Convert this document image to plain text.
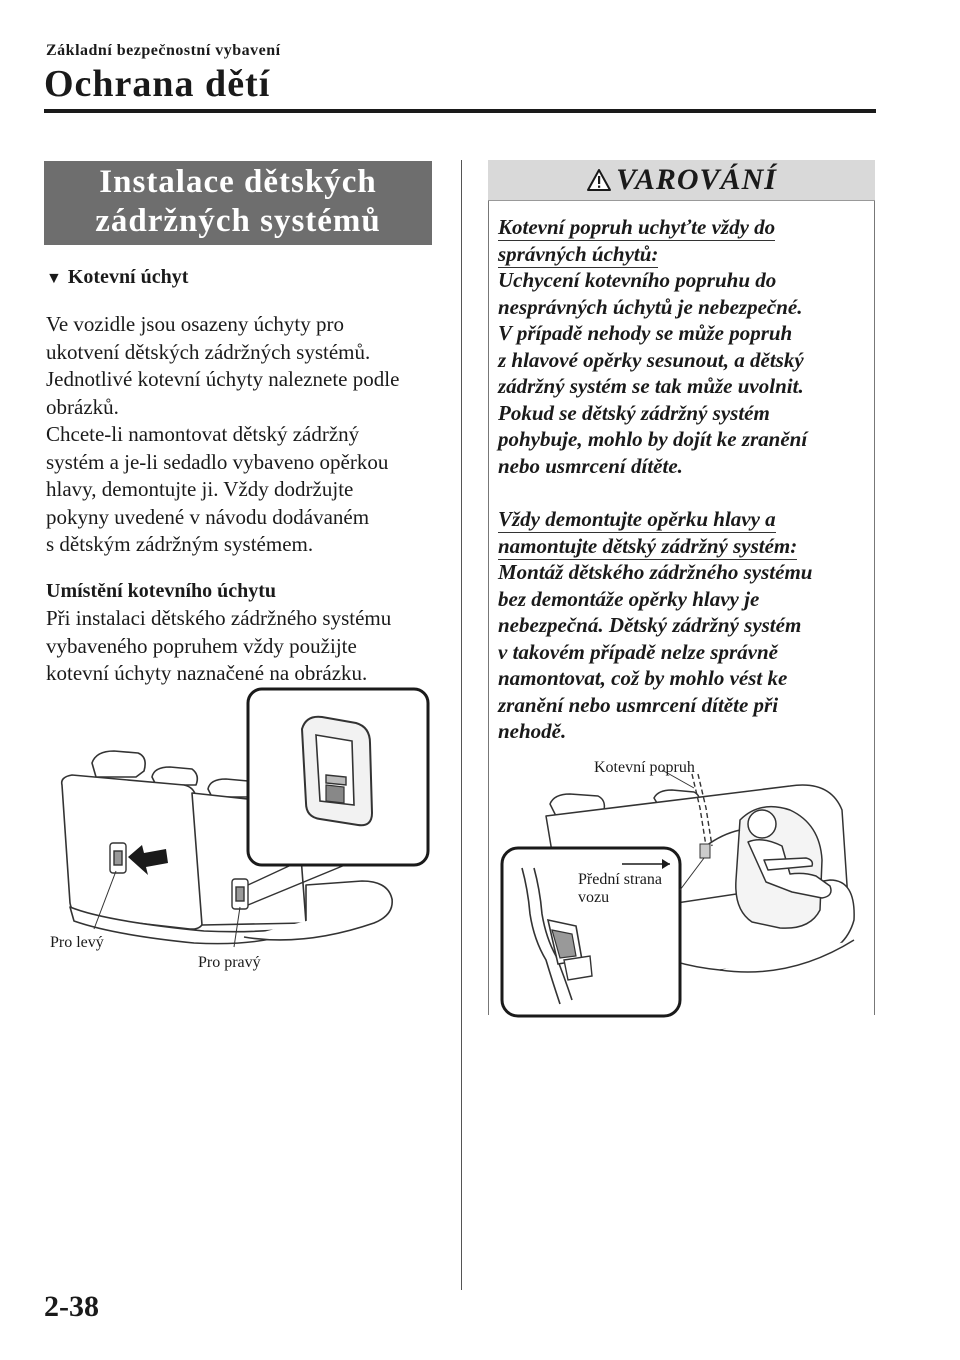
Základní bezpečnostní vybavení
Ochrana dětí
Instalace dětských
zádržných systémů
▼ Kotevní úchyt
Ve vozidle jsou osazeny úchyty pro
ukotvení dětských zádržných systémů.
Jednotlivé kotevní úchyty naleznete podle
obrázků.
Chcete-li namontovat dětský zádržný
systém a je-li sedadlo vybaveno opěrkou
hlavy, demontujte ji. Vždy dodržujte
pokyny uvedené v návodu dodávaném
s dětským zádržným systémem.
Umístění kotevního úchytu
Při instalaci dětského zádržného systému
vybaveného popruhem vždy použijte
kotevní úchyty naznačené na obrázku.
Pro levý
Pro pravý
VAROVÁNÍ

Kotevní popruh uchyťte vždy do
správných úchytů:

Uchycení kotevního popruhu do
nesprávných úchytů je nebezpečné.
V případě nehody se může popruh
z hlavové opěrky sesunout, a dětský
zádržný systém se tak může uvolnit.
Pokud se dětský zádržný systém
pohybuje, mohlo by dojít ke zranění
nebo usmrcení dítěte.

Vždy demontujte opěrku hlavy a
namontujte dětský zádržný systém:

Montáž dětského zádržného systému
bez demontáže opěrky hlavy je
nebezpečná. Dětský zádržný systém
v takovém případě nelze správně
namontovat, což by mohlo vést ke
zranění nebo usmrcení dítěte při
nehodě.

Kotevní popruh
Přední strana
vozu
2-38
